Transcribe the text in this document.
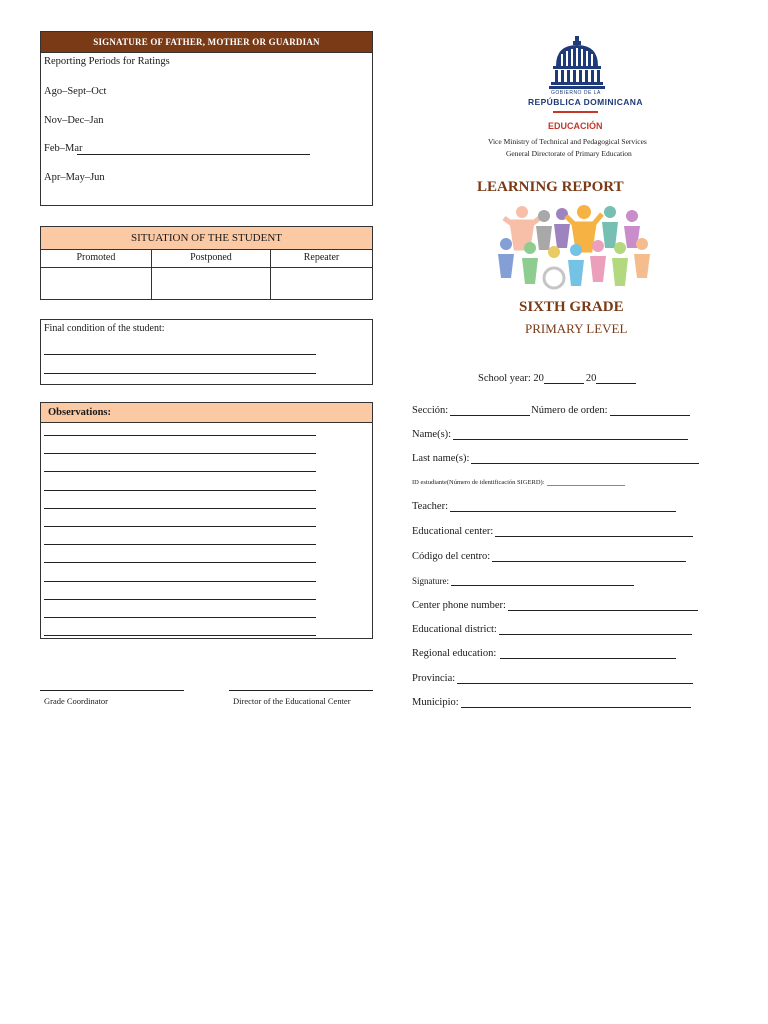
SIGNATURE OF FATHER, MOTHER OR GUARDIAN
Reporting Periods for Ratings
Ago–Sept–Oct
Nov–Dec–Jan
Feb–Mar
Apr–May–Jun
SITUATION OF THE STUDENT
Promoted	Postponed	Repeater

Final condition of the student:
Observations:
Grade Coordinator	Director of the Educational Center
GOBIERNO DE LA
REPÚBLICA DOMINICANA
EDUCACIÓN
Vice Ministry of Technical and Pedagogical Services
General Directorate of Primary Education
LEARNING REPORT
SIXTH GRADE
PRIMARY LEVEL
School year: 20	20
Sección:	Número de orden:
Name(s):
Last name(s):
ID estudiante(Número de identificación SIGERD):
Teacher:
Educational center:
Código del centro:
Signature:
Center phone number:
Educational district:
Regional education:
Provincia:
Municipio:
